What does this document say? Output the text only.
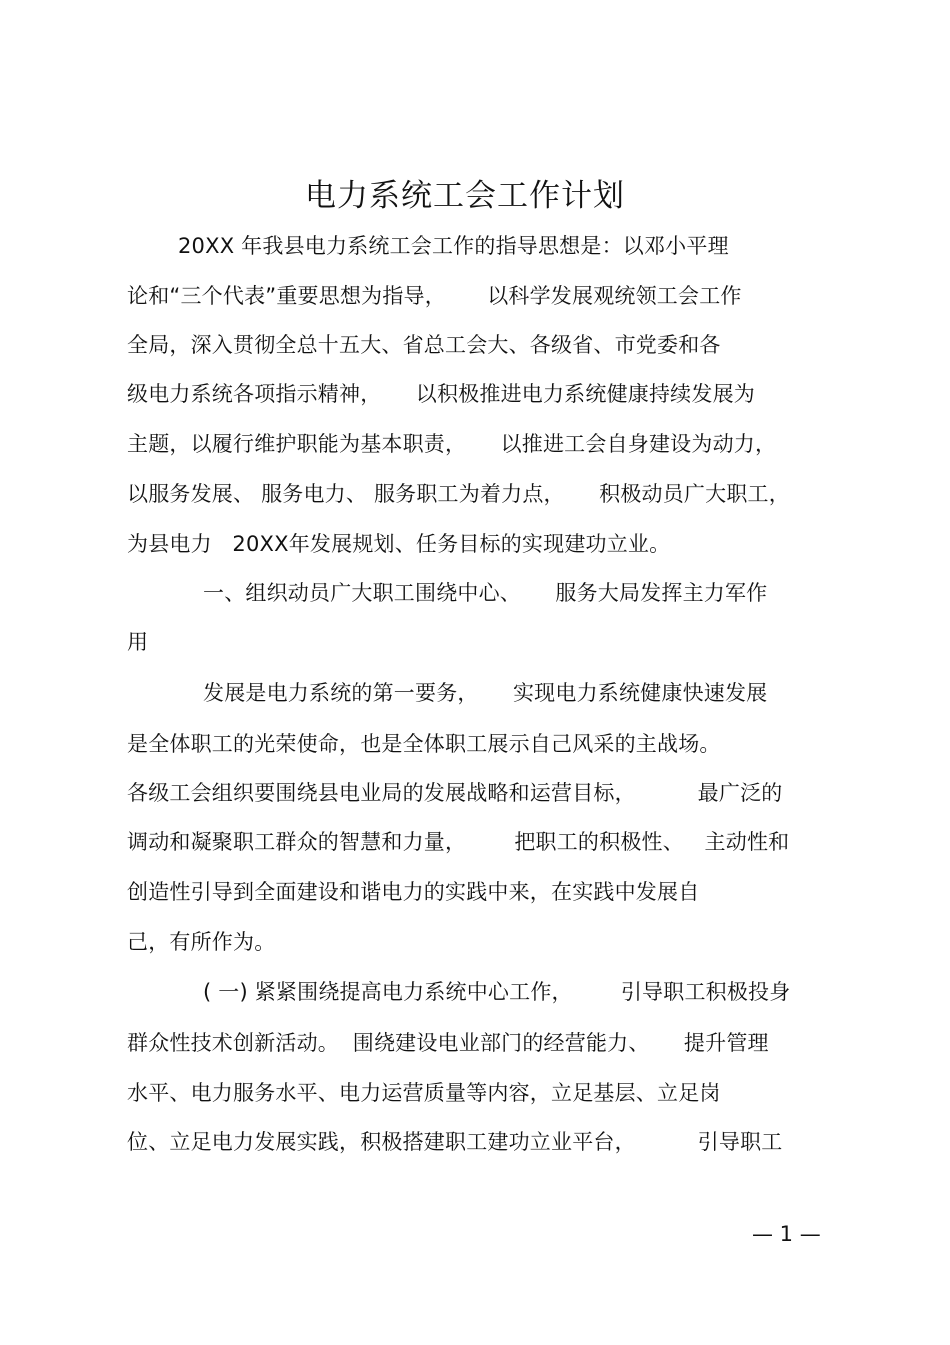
电力系统工会工作计划
20XX 年我县电力系统工会工作的指导思想是：以邓小平理
论和“三个代表”重要思想为指导，      以科学发展观统领工会工作
全局，深入贯彻全总十五大、省总工会大、各级省、市党委和各
级电力系统各项指示精神，     以积极推进电力系统健康持续发展为
主题，以履行维护职能为基本职责，     以推进工会自身建设为动力，
以服务发展、 服务电力、 服务职工为着力点，     积极动员广大职工，
为县电力   20XX年发展规划、任务目标的实现建功立业。
一、组织动员广大职工围绕中心、     服务大局发挥主力军作
用
发展是电力系统的第一要务，     实现电力系统健康快速发展
是全体职工的光荣使命，也是全体职工展示自己风采的主战场。
各级工会组织要围绕县电业局的发展战略和运营目标，         最广泛的
调动和凝聚职工群众的智慧和力量，       把职工的积极性、   主动性和
创造性引导到全面建设和谐电力的实践中来，在实践中发展自
己，有所作为。
( 一) 紧紧围绕提高电力系统中心工作，       引导职工积极投身
群众性技术创新活动。  围绕建设电业部门的经营能力、     提升管理
水平、电力服务水平、电力运营质量等内容，立足基层、立足岗
位、立足电力发展实践，积极搭建职工建功立业平台，         引导职工
— 1 —
